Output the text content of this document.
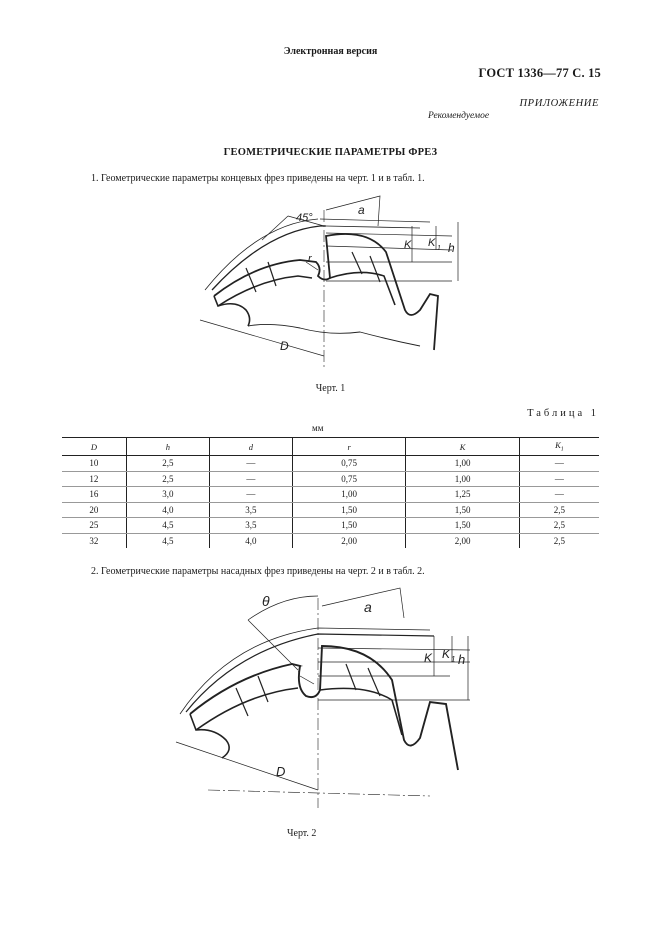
Электронная версия
ГОСТ 1336—77 С. 15
ПРИЛОЖЕНИЕ
Рекомендуемое
ГЕОМЕТРИЧЕСКИЕ ПАРАМЕТРЫ ФРЕЗ
1. Геометрические параметры концевых фрез приведены на черт. 1 и в табл. 1.
45°
a
K K 1 h
r
D
Черт. 1
Таблица 1
мм
D	h	d	r	K	$K_1$
10	2,5	—	0,75	1,00	—
12	2,5	—	0,75	1,00	—
16	3,0	—	1,00	1,25	—
20	4,0	3,5	1,50	1,50	2,5
25	4,5	3,5	1,50	1,50	2,5
32	4,5	4,0	2,00	2,00	2,5
2. Геометрические параметры насадных фрез приведены на черт. 2 и в табл. 2.
θ	a
K K 1 h
r
D
Черт. 2
